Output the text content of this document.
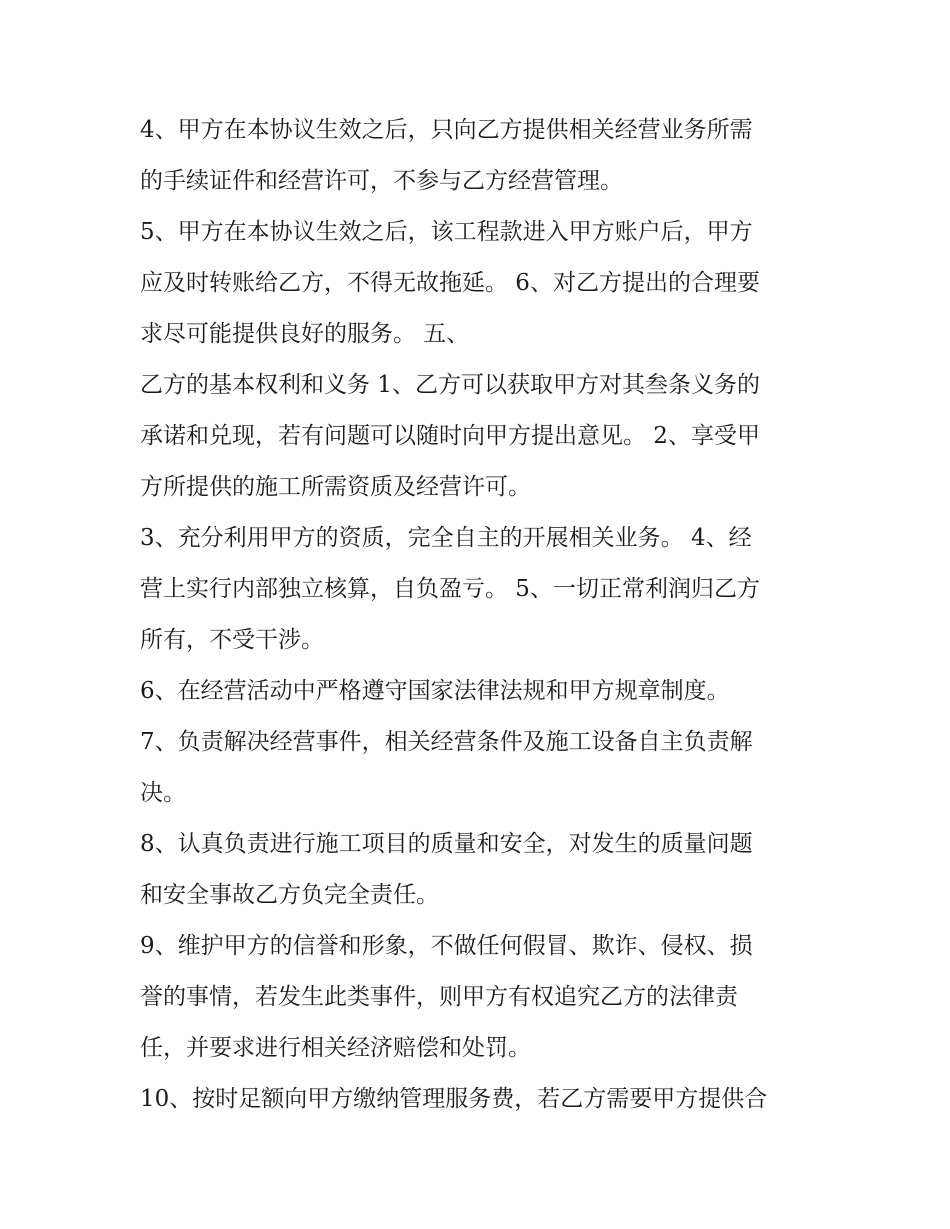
4、甲方在本协议生效之后，只向乙方提供相关经营业务所需
的手续证件和经营许可，不参与乙方经营管理。
5、甲方在本协议生效之后，该工程款进入甲方账户后，甲方
应及时转账给乙方，不得无故拖延。 6、对乙方提出的合理要
求尽可能提供良好的服务。 五、
乙方的基本权利和义务 1、乙方可以获取甲方对其叁条义务的
承诺和兑现，若有问题可以随时向甲方提出意见。 2、享受甲
方所提供的施工所需资质及经营许可。
3、充分利用甲方的资质，完全自主的开展相关业务。 4、经
营上实行内部独立核算，自负盈亏。 5、一切正常利润归乙方
所有，不受干涉。
6、在经营活动中严格遵守国家法律法规和甲方规章制度。
7、负责解决经营事件，相关经营条件及施工设备自主负责解
决。
8、认真负责进行施工项目的质量和安全，对发生的质量问题
和安全事故乙方负完全责任。
9、维护甲方的信誉和形象，不做任何假冒、欺诈、侵权、损
誉的事情，若发生此类事件，则甲方有权追究乙方的法律责
任，并要求进行相关经济赔偿和处罚。
10、按时足额向甲方缴纳管理服务费，若乙方需要甲方提供合
